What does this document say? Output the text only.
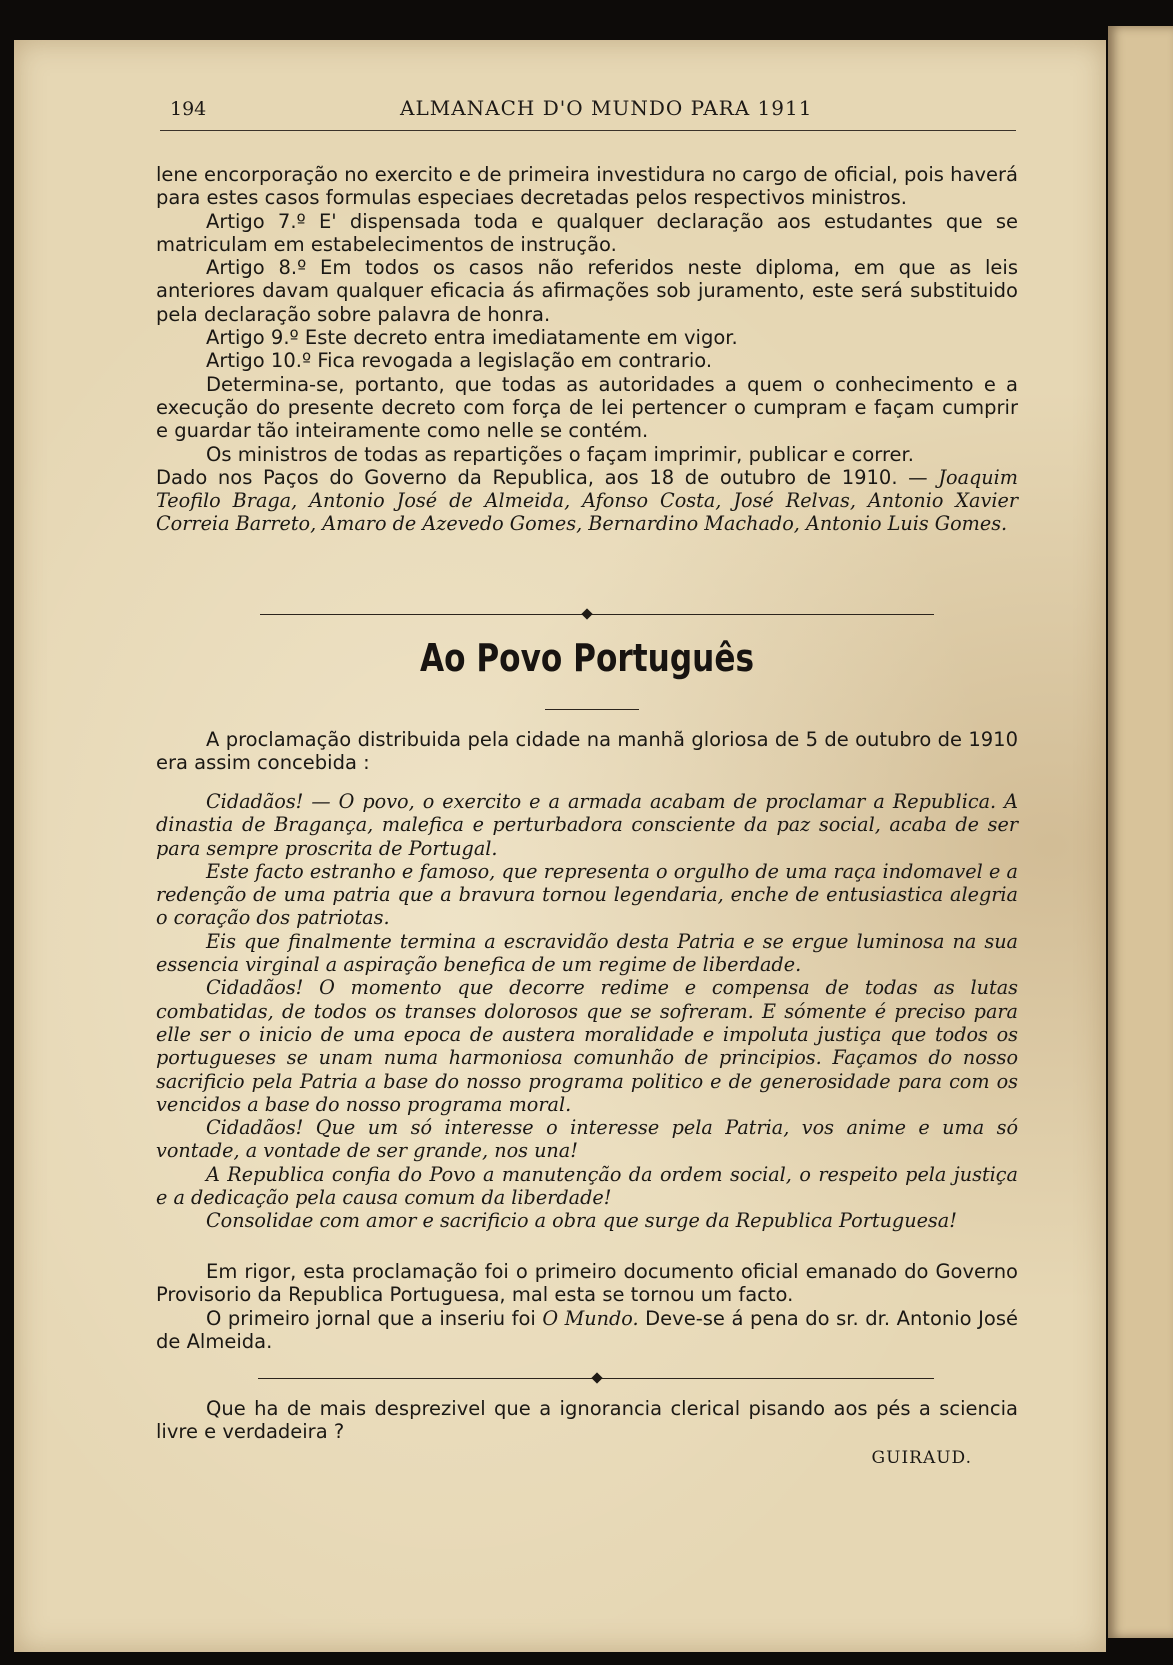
194	ALMANACH D'O MUNDO PARA 1911

lene encorporação no exercito e de primeira investidura no cargo de oficial, pois haverá para estes casos formulas especiaes decretadas pelos respectivos ministros.

Artigo 7.º E' dispensada toda e qualquer declaração aos estudantes que se matriculam em estabelecimentos de instrução.

Artigo 8.º Em todos os casos não referidos neste diploma, em que as leis anteriores davam qualquer eficacia ás afirmações sob juramento, este será substituido pela declaração sobre palavra de honra.

Artigo 9.º Este decreto entra imediatamente em vigor.

Artigo 10.º Fica revogada a legislação em contrario.

Determina-se, portanto, que todas as autoridades a quem o conhecimento e a execução do presente decreto com força de lei pertencer o cumpram e façam cumprir e guardar tão inteiramente como nelle se contém.

Os ministros de todas as repartições o façam imprimir, publicar e correr.

Dado nos Paços do Governo da Republica, aos 18 de outubro de 1910. — Joaquim Teofilo Braga, Antonio José de Almeida, Afonso Costa, José Relvas, Antonio Xavier Correia Barreto, Amaro de Azevedo Gomes, Bernardino Machado, Antonio Luis Gomes.

Ao Povo Português

A proclamação distribuida pela cidade na manhã gloriosa de 5 de outubro de 1910 era assim concebida :

Cidadãos! — O povo, o exercito e a armada acabam de proclamar a Republica. A dinastia de Bragança, malefica e perturbadora consciente da paz social, acaba de ser para sempre proscrita de Portugal.

Este facto estranho e famoso, que representa o orgulho de uma raça indomavel e a redenção de uma patria que a bravura tornou legendaria, enche de entusiastica alegria o coração dos patriotas.

Eis que finalmente termina a escravidão desta Patria e se ergue luminosa na sua essencia virginal a aspiração benefica de um regime de liberdade.

Cidadãos! O momento que decorre redime e compensa de todas as lutas combatidas, de todos os transes dolorosos que se sofreram. E sómente é preciso para elle ser o inicio de uma epoca de austera moralidade e impoluta justiça que todos os portugueses se unam numa harmoniosa comunhão de principios. Façamos do nosso sacrificio pela Patria a base do nosso programa politico e de generosidade para com os vencidos a base do nosso programa moral.

Cidadãos! Que um só interesse o interesse pela Patria, vos anime e uma só vontade, a vontade de ser grande, nos una!

A Republica confia do Povo a manutenção da ordem social, o respeito pela justiça e a dedicação pela causa comum da liberdade!

Consolidae com amor e sacrificio a obra que surge da Republica Portuguesa!

Em rigor, esta proclamação foi o primeiro documento oficial emanado do Governo Provisorio da Republica Portuguesa, mal esta se tornou um facto.

O primeiro jornal que a inseriu foi O Mundo. Deve-se á pena do sr. dr. Antonio José de Almeida.

Que ha de mais desprezivel que a ignorancia clerical pisando aos pés a sciencia livre e verdadeira ?

GUIRAUD.
